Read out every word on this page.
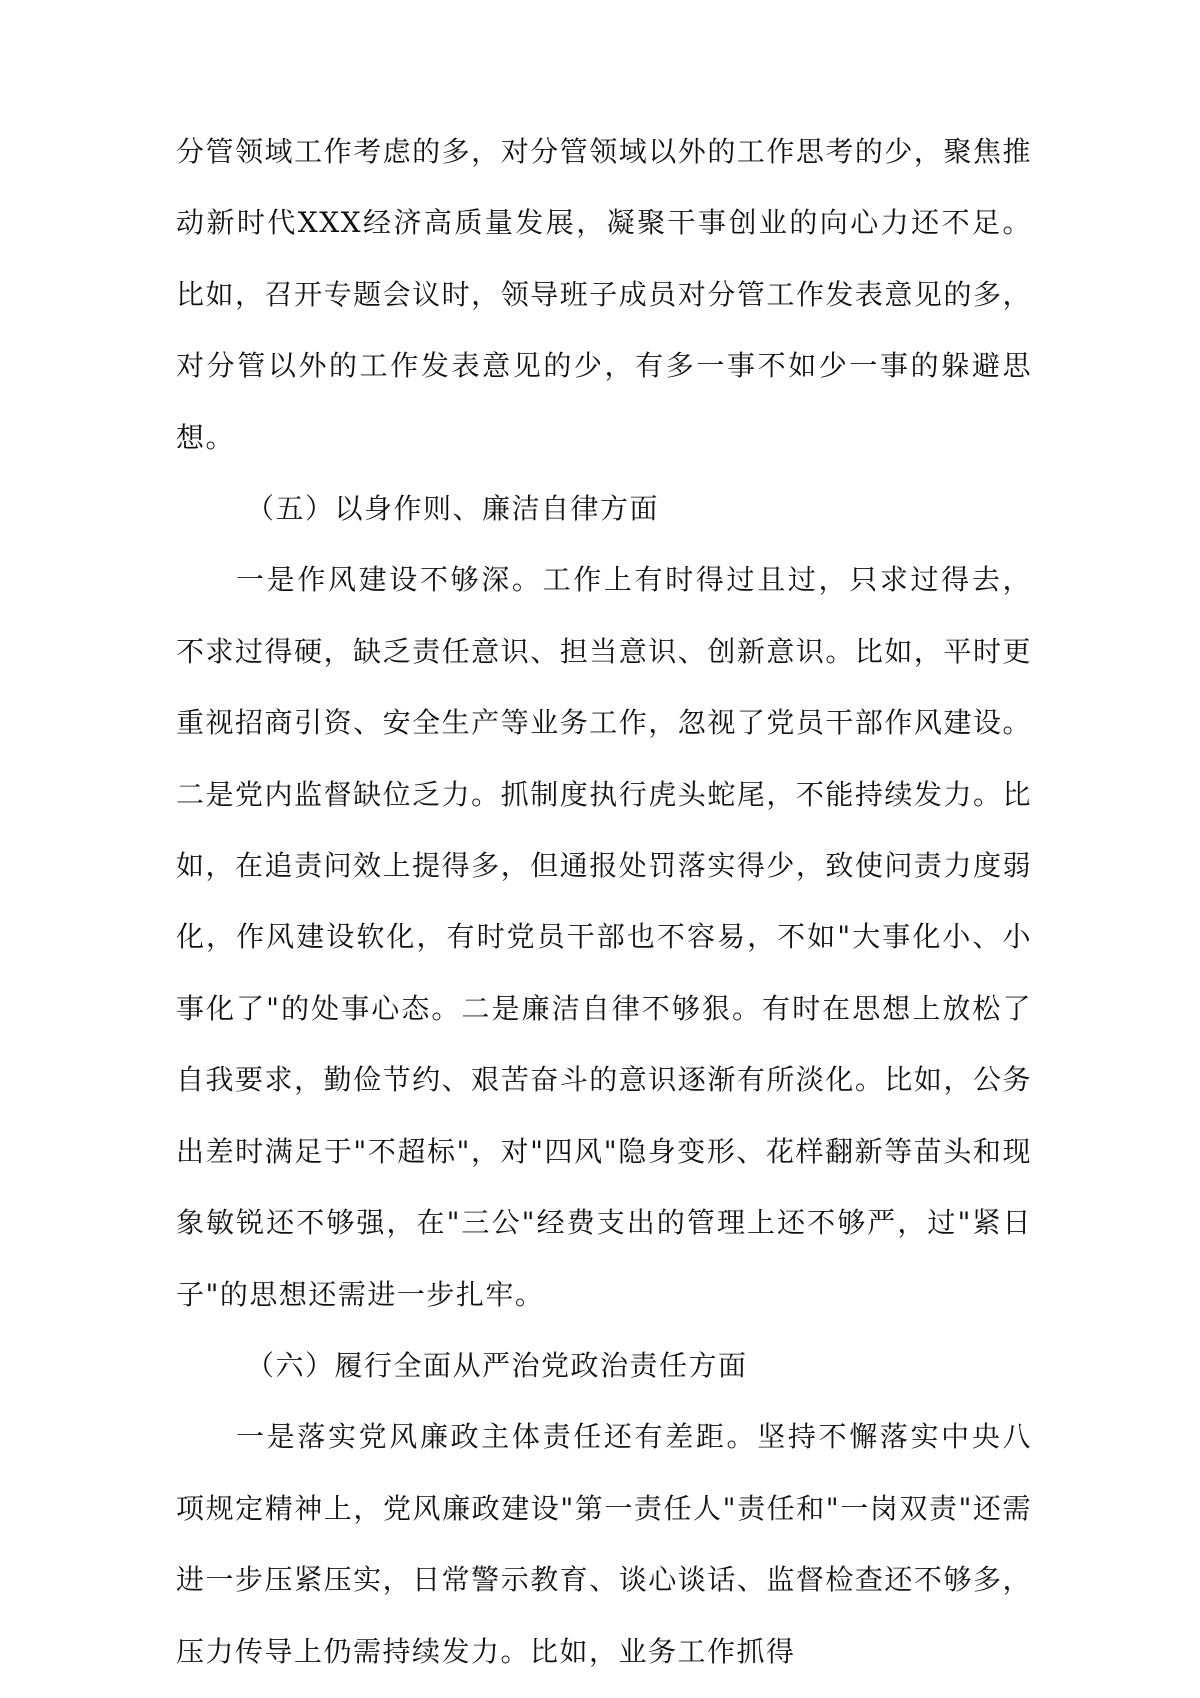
分管领域工作考虑的多，对分管领域以外的工作思考的少，聚焦推动新时代XXX经济高质量发展，凝聚干事创业的向心力还不足。比如，召开专题会议时，领导班子成员对分管工作发表意见的多，对分管以外的工作发表意见的少，有多一事不如少一事的躲避思想。

（五）以身作则、廉洁自律方面

一是作风建设不够深。工作上有时得过且过，只求过得去，不求过得硬，缺乏责任意识、担当意识、创新意识。比如，平时更重视招商引资、安全生产等业务工作，忽视了党员干部作风建设。二是党内监督缺位乏力。抓制度执行虎头蛇尾，不能持续发力。比如，在追责问效上提得多，但通报处罚落实得少，致使问责力度弱化，作风建设软化，有时党员干部也不容易，不如"大事化小、小事化了"的处事心态。二是廉洁自律不够狠。有时在思想上放松了自我要求，勤俭节约、艰苦奋斗的意识逐渐有所淡化。比如，公务出差时满足于"不超标"，对"四风"隐身变形、花样翻新等苗头和现象敏锐还不够强，在"三公"经费支出的管理上还不够严，过"紧日子"的思想还需进一步扎牢。

（六）履行全面从严治党政治责任方面

一是落实党风廉政主体责任还有差距。坚持不懈落实中央八项规定精神上，党风廉政建设"第一责任人"责任和"一岗双责"还需进一步压紧压实，日常警示教育、谈心谈话、监督检查还不够多，压力传导上仍需持续发力。比如，业务工作抓得
